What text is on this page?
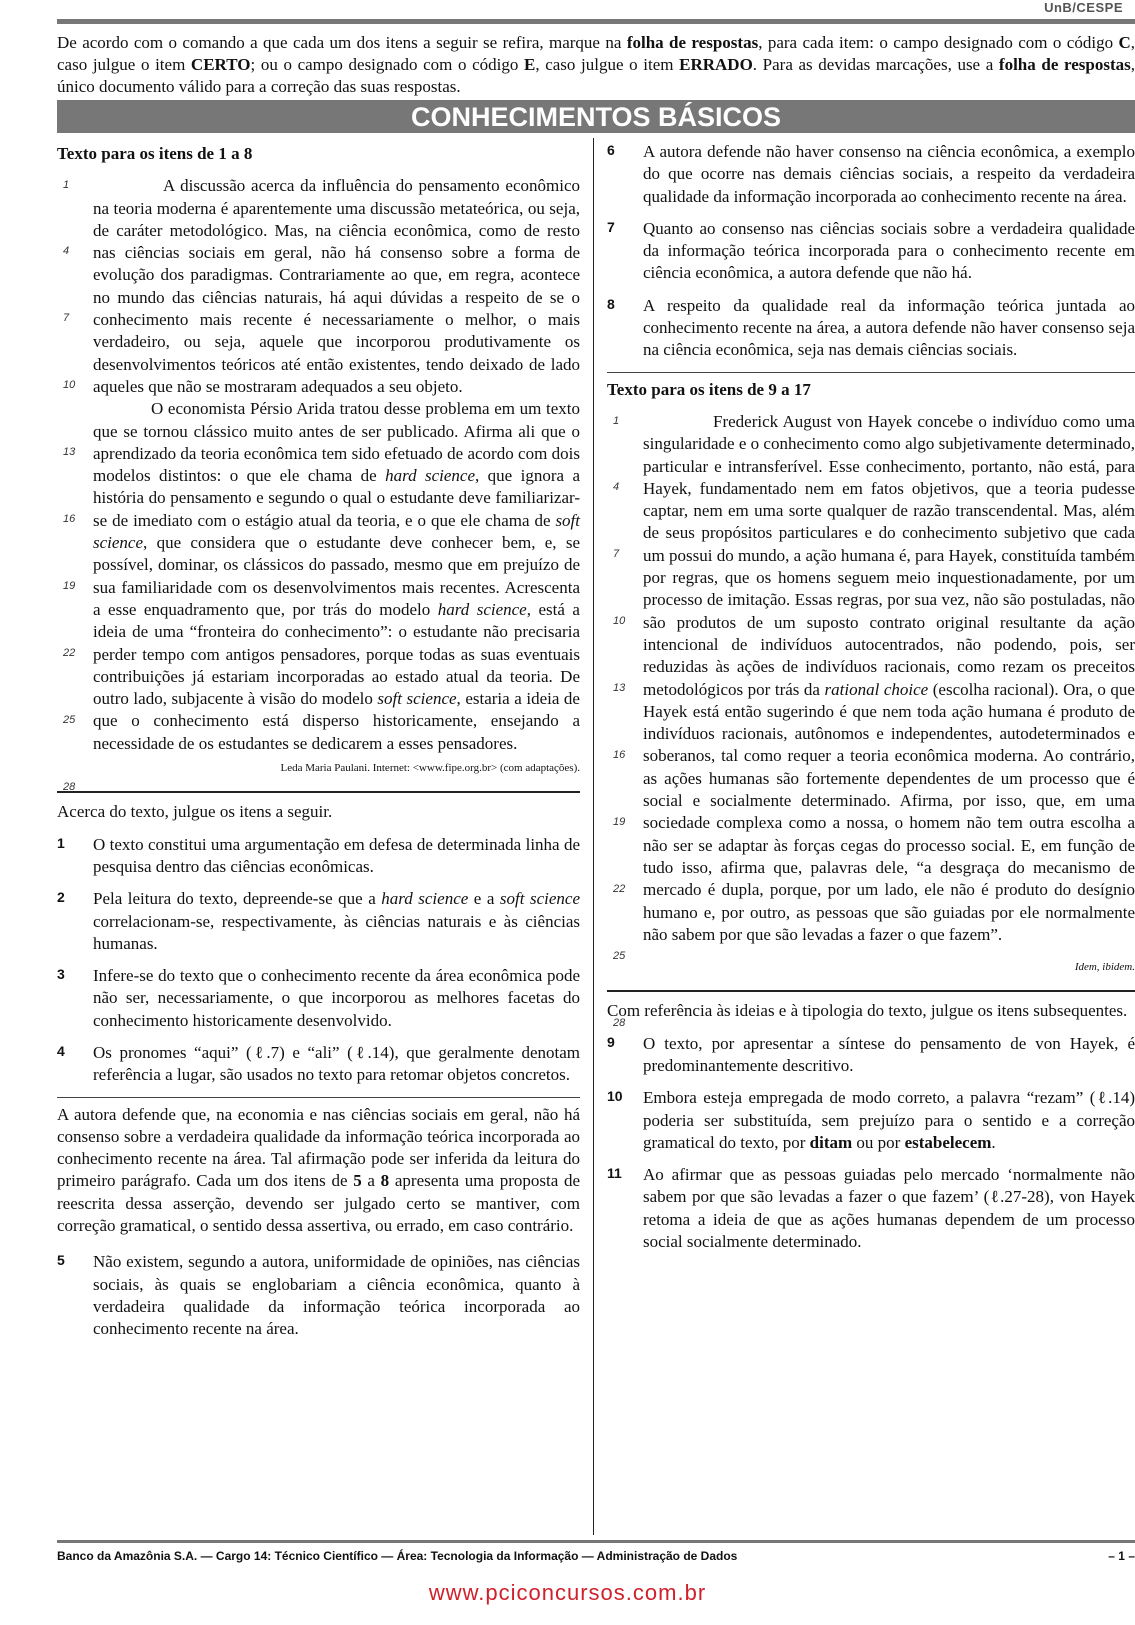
UnB/CESPE
De acordo com o comando a que cada um dos itens a seguir se refira, marque na folha de respostas, para cada item: o campo designado com o código C, caso julgue o item CERTO; ou o campo designado com o código E, caso julgue o item ERRADO. Para as devidas marcações, use a folha de respostas, único documento válido para a correção das suas respostas.
CONHECIMENTOS BÁSICOS
Texto para os itens de 1 a 8
1
4
7
10
13
16
19
22
25
28
A discussão acerca da influência do pensamento econômico na teoria moderna é aparentemente uma discussão metateórica, ou seja, de caráter metodológico. Mas, na ciência econômica, como de resto nas ciências sociais em geral, não há consenso sobre a forma de evolução dos paradigmas. Contrariamente ao que, em regra, acontece no mundo das ciências naturais, há aqui dúvidas a respeito de se o conhecimento mais recente é necessariamente o melhor, o mais verdadeiro, ou seja, aquele que incorporou produtivamente os desenvolvimentos teóricos até então existentes, tendo deixado de lado aqueles que não se mostraram adequados a seu objeto.
O economista Pérsio Arida tratou desse problema em um texto que se tornou clássico muito antes de ser publicado. Afirma ali que o aprendizado da teoria econômica tem sido efetuado de acordo com dois modelos distintos: o que ele chama de hard science, que ignora a história do pensamento e segundo o qual o estudante deve familiarizar-se de imediato com o estágio atual da teoria, e o que ele chama de soft science, que considera que o estudante deve conhecer bem, e, se possível, dominar, os clássicos do passado, mesmo que em prejuízo de sua familiaridade com os desenvolvimentos mais recentes. Acrescenta a esse enquadramento que, por trás do modelo hard science, está a ideia de uma “fronteira do conhecimento”: o estudante não precisaria perder tempo com antigos pensadores, porque todas as suas eventuais contribuições já estariam incorporadas ao estado atual da teoria. De outro lado, subjacente à visão do modelo soft science, estaria a ideia de que o conhecimento está disperso historicamente, ensejando a necessidade de os estudantes se dedicarem a esses pensadores.
Leda Maria Paulani. Internet: <www.fipe.org.br> (com adaptações).
Acerca do texto, julgue os itens a seguir.
1 O texto constitui uma argumentação em defesa de determinada linha de pesquisa dentro das ciências econômicas.
2 Pela leitura do texto, depreende-se que a hard science e a soft science correlacionam-se, respectivamente, às ciências naturais e às ciências humanas.
3 Infere-se do texto que o conhecimento recente da área econômica pode não ser, necessariamente, o que incorporou as melhores facetas do conhecimento historicamente desenvolvido.
4 Os pronomes “aqui” (ℓ.7) e “ali” (ℓ.14), que geralmente denotam referência a lugar, são usados no texto para retomar objetos concretos.
A autora defende que, na economia e nas ciências sociais em geral, não há consenso sobre a verdadeira qualidade da informação teórica incorporada ao conhecimento recente na área. Tal afirmação pode ser inferida da leitura do primeiro parágrafo. Cada um dos itens de 5 a 8 apresenta uma proposta de reescrita dessa asserção, devendo ser julgado certo se mantiver, com correção gramatical, o sentido dessa assertiva, ou errado, em caso contrário.
5 Não existem, segundo a autora, uniformidade de opiniões, nas ciências sociais, às quais se englobariam a ciência econômica, quanto à verdadeira qualidade da informação teórica incorporada ao conhecimento recente na área.
6 A autora defende não haver consenso na ciência econômica, a exemplo do que ocorre nas demais ciências sociais, a respeito da verdadeira qualidade da informação incorporada ao conhecimento recente na área.
7 Quanto ao consenso nas ciências sociais sobre a verdadeira qualidade da informação teórica incorporada para o conhecimento recente em ciência econômica, a autora defende que não há.
8 A respeito da qualidade real da informação teórica juntada ao conhecimento recente na área, a autora defende não haver consenso seja na ciência econômica, seja nas demais ciências sociais.
Texto para os itens de 9 a 17
1
4
7
10
13
16
19
22
25
28
Frederick August von Hayek concebe o indivíduo como uma singularidade e o conhecimento como algo subjetivamente determinado, particular e intransferível. Esse conhecimento, portanto, não está, para Hayek, fundamentado nem em fatos objetivos, que a teoria pudesse captar, nem em uma sorte qualquer de razão transcendental. Mas, além de seus propósitos particulares e do conhecimento subjetivo que cada um possui do mundo, a ação humana é, para Hayek, constituída também por regras, que os homens seguem meio inquestionadamente, por um processo de imitação. Essas regras, por sua vez, não são postuladas, não são produtos de um suposto contrato original resultante da ação intencional de indivíduos autocentrados, não podendo, pois, ser reduzidas às ações de indivíduos racionais, como rezam os preceitos metodológicos por trás da rational choice (escolha racional). Ora, o que Hayek está então sugerindo é que nem toda ação humana é produto de indivíduos racionais, autônomos e independentes, autodeterminados e soberanos, tal como requer a teoria econômica moderna. Ao contrário, as ações humanas são fortemente dependentes de um processo que é social e socialmente determinado. Afirma, por isso, que, em uma sociedade complexa como a nossa, o homem não tem outra escolha a não ser se adaptar às forças cegas do processo social. E, em função de tudo isso, afirma que, palavras dele, “a desgraça do mecanismo de mercado é dupla, porque, por um lado, ele não é produto do desígnio humano e, por outro, as pessoas que são guiadas por ele normalmente não sabem por que são levadas a fazer o que fazem”.
Idem, ibidem.
Com referência às ideias e à tipologia do texto, julgue os itens subsequentes.
9 O texto, por apresentar a síntese do pensamento de von Hayek, é predominantemente descritivo.
10 Embora esteja empregada de modo correto, a palavra “rezam” (ℓ.14) poderia ser substituída, sem prejuízo para o sentido e a correção gramatical do texto, por ditam ou por estabelecem.
11 Ao afirmar que as pessoas guiadas pelo mercado ‘normalmente não sabem por que são levadas a fazer o que fazem’ (ℓ.27-28), von Hayek retoma a ideia de que as ações humanas dependem de um processo social socialmente determinado.
Banco da Amazônia S.A. — Cargo 14: Técnico Científico — Área: Tecnologia da Informação — Administração de Dados	– 1 –
www.pciconcursos.com.br
